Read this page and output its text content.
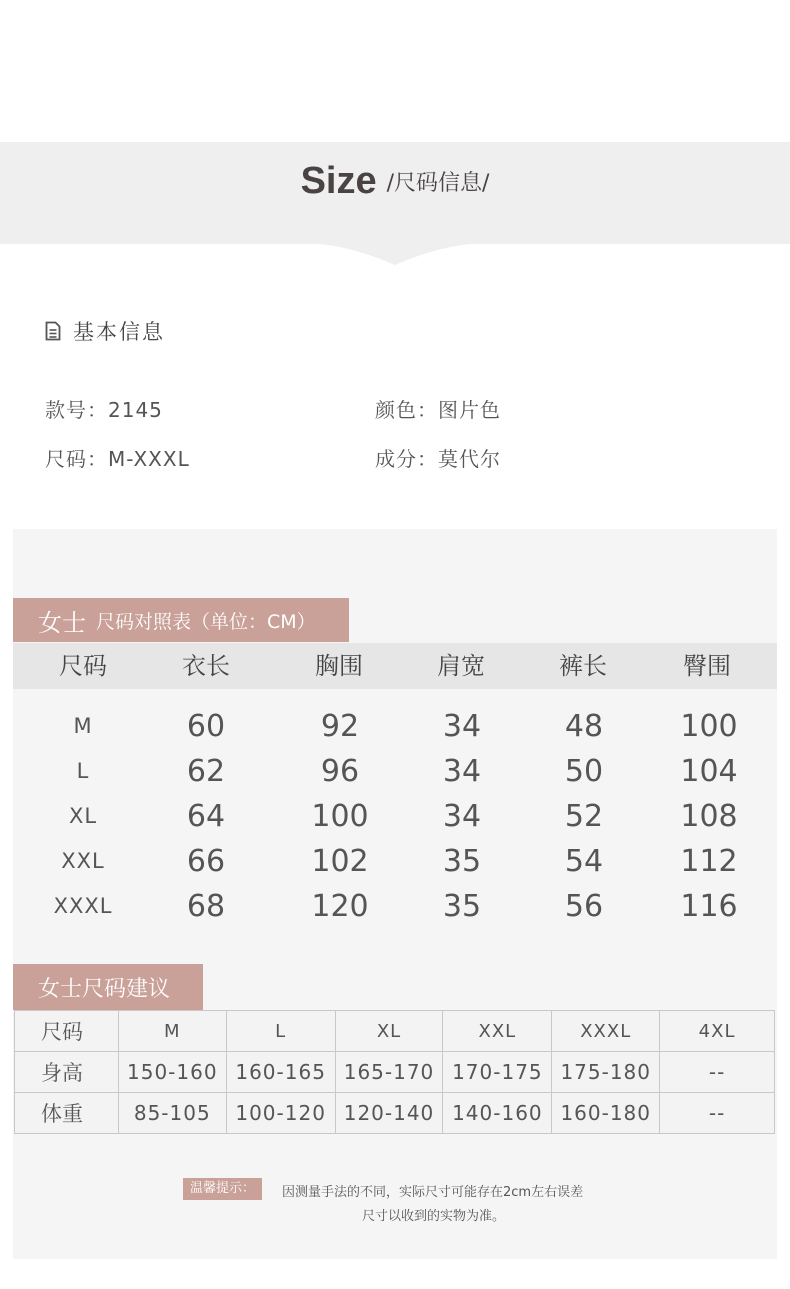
Size /尺码信息/
基本信息
款号：2145	颜色：图片色
尺码：M-XXXL	成分：莫代尔
女士 尺码对照表（单位：CM）
尺码	衣长	胸围	肩宽	裤长	臀围
M	60	92	34	48	100
L	62	96	34	50	104
XL	64	100	34	52	108
XXL	66	102	35	54	112
XXXL	68	120	35	56	116
女士尺码建议
尺码	M	L	XL	XXL	XXXL	4XL
身高	150-160	160-165	165-170	170-175	175-180	--
体重	85-105	100-120	120-140	140-160	160-180	--
温馨提示：	因测量手法的不同，实际尺寸可能存在2cm左右误差
尺寸以收到的实物为准。
